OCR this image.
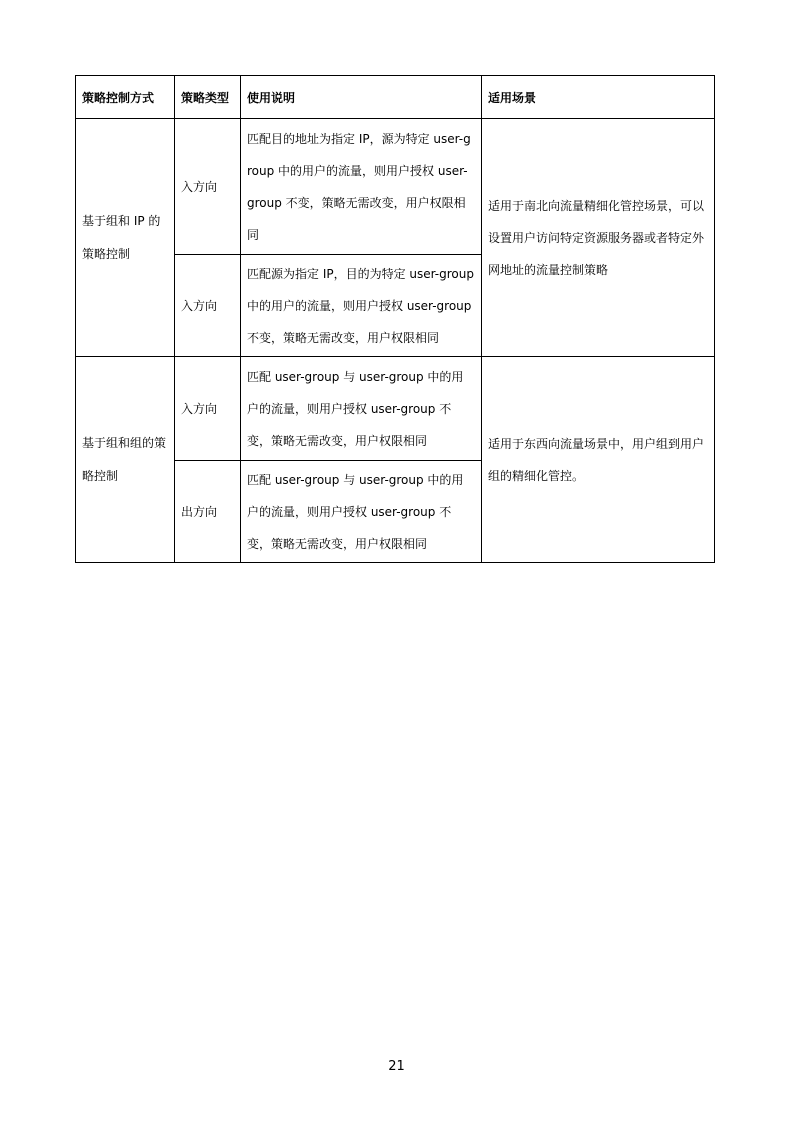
策略控制方式	策略类型	使用说明	适用场景
基于组和 IP 的策略控制	入方向	匹配目的地址为指定 IP，源为特定 user-group 中的用户的流量，则用户授权 user-group 不变，策略无需改变，用户权限相同	适用于南北向流量精细化管控场景，可以设置用户访问特定资源服务器或者特定外网地址的流量控制策略
	入方向	匹配源为指定 IP，目的为特定 user-group 中的用户的流量，则用户授权 user-group 不变，策略无需改变，用户权限相同	
基于组和组的策略控制	入方向	匹配 user-group 与 user-group 中的用户的流量，则用户授权 user-group 不变，策略无需改变，用户权限相同	适用于东西向流量场景中，用户组到用户组的精细化管控。
	出方向	匹配 user-group 与 user-group 中的用户的流量，则用户授权 user-group 不变，策略无需改变，用户权限相同	
21
